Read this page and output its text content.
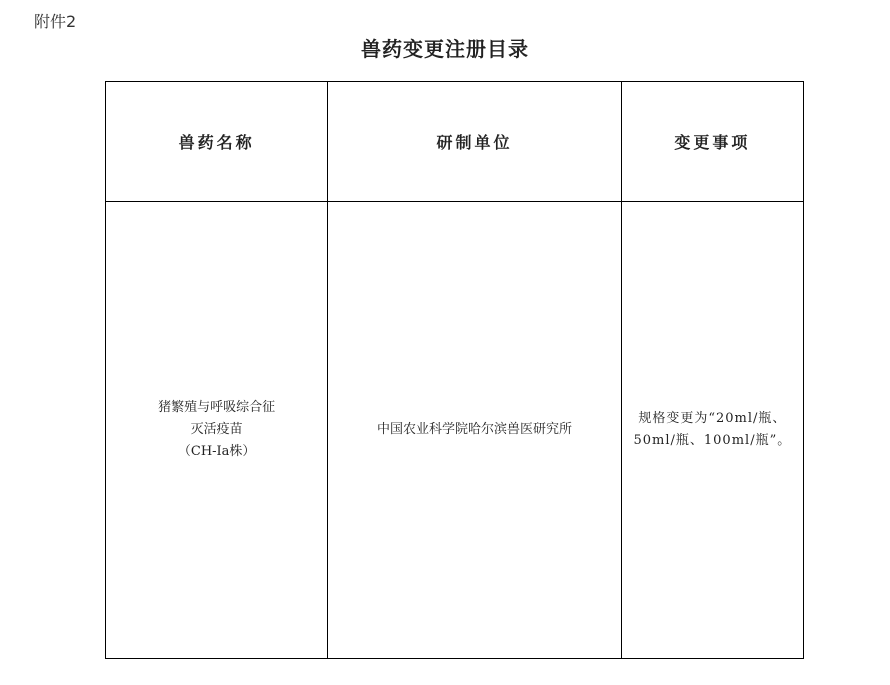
附件2
兽药变更注册目录
兽药名称	研制单位	变更事项

猪繁殖与呼吸综合征
灭活疫苗
（CH-Ia株）	中国农业科学院哈尔滨兽医研究所	规格变更为“20ml/瓶、50ml/瓶、100ml/瓶”。
